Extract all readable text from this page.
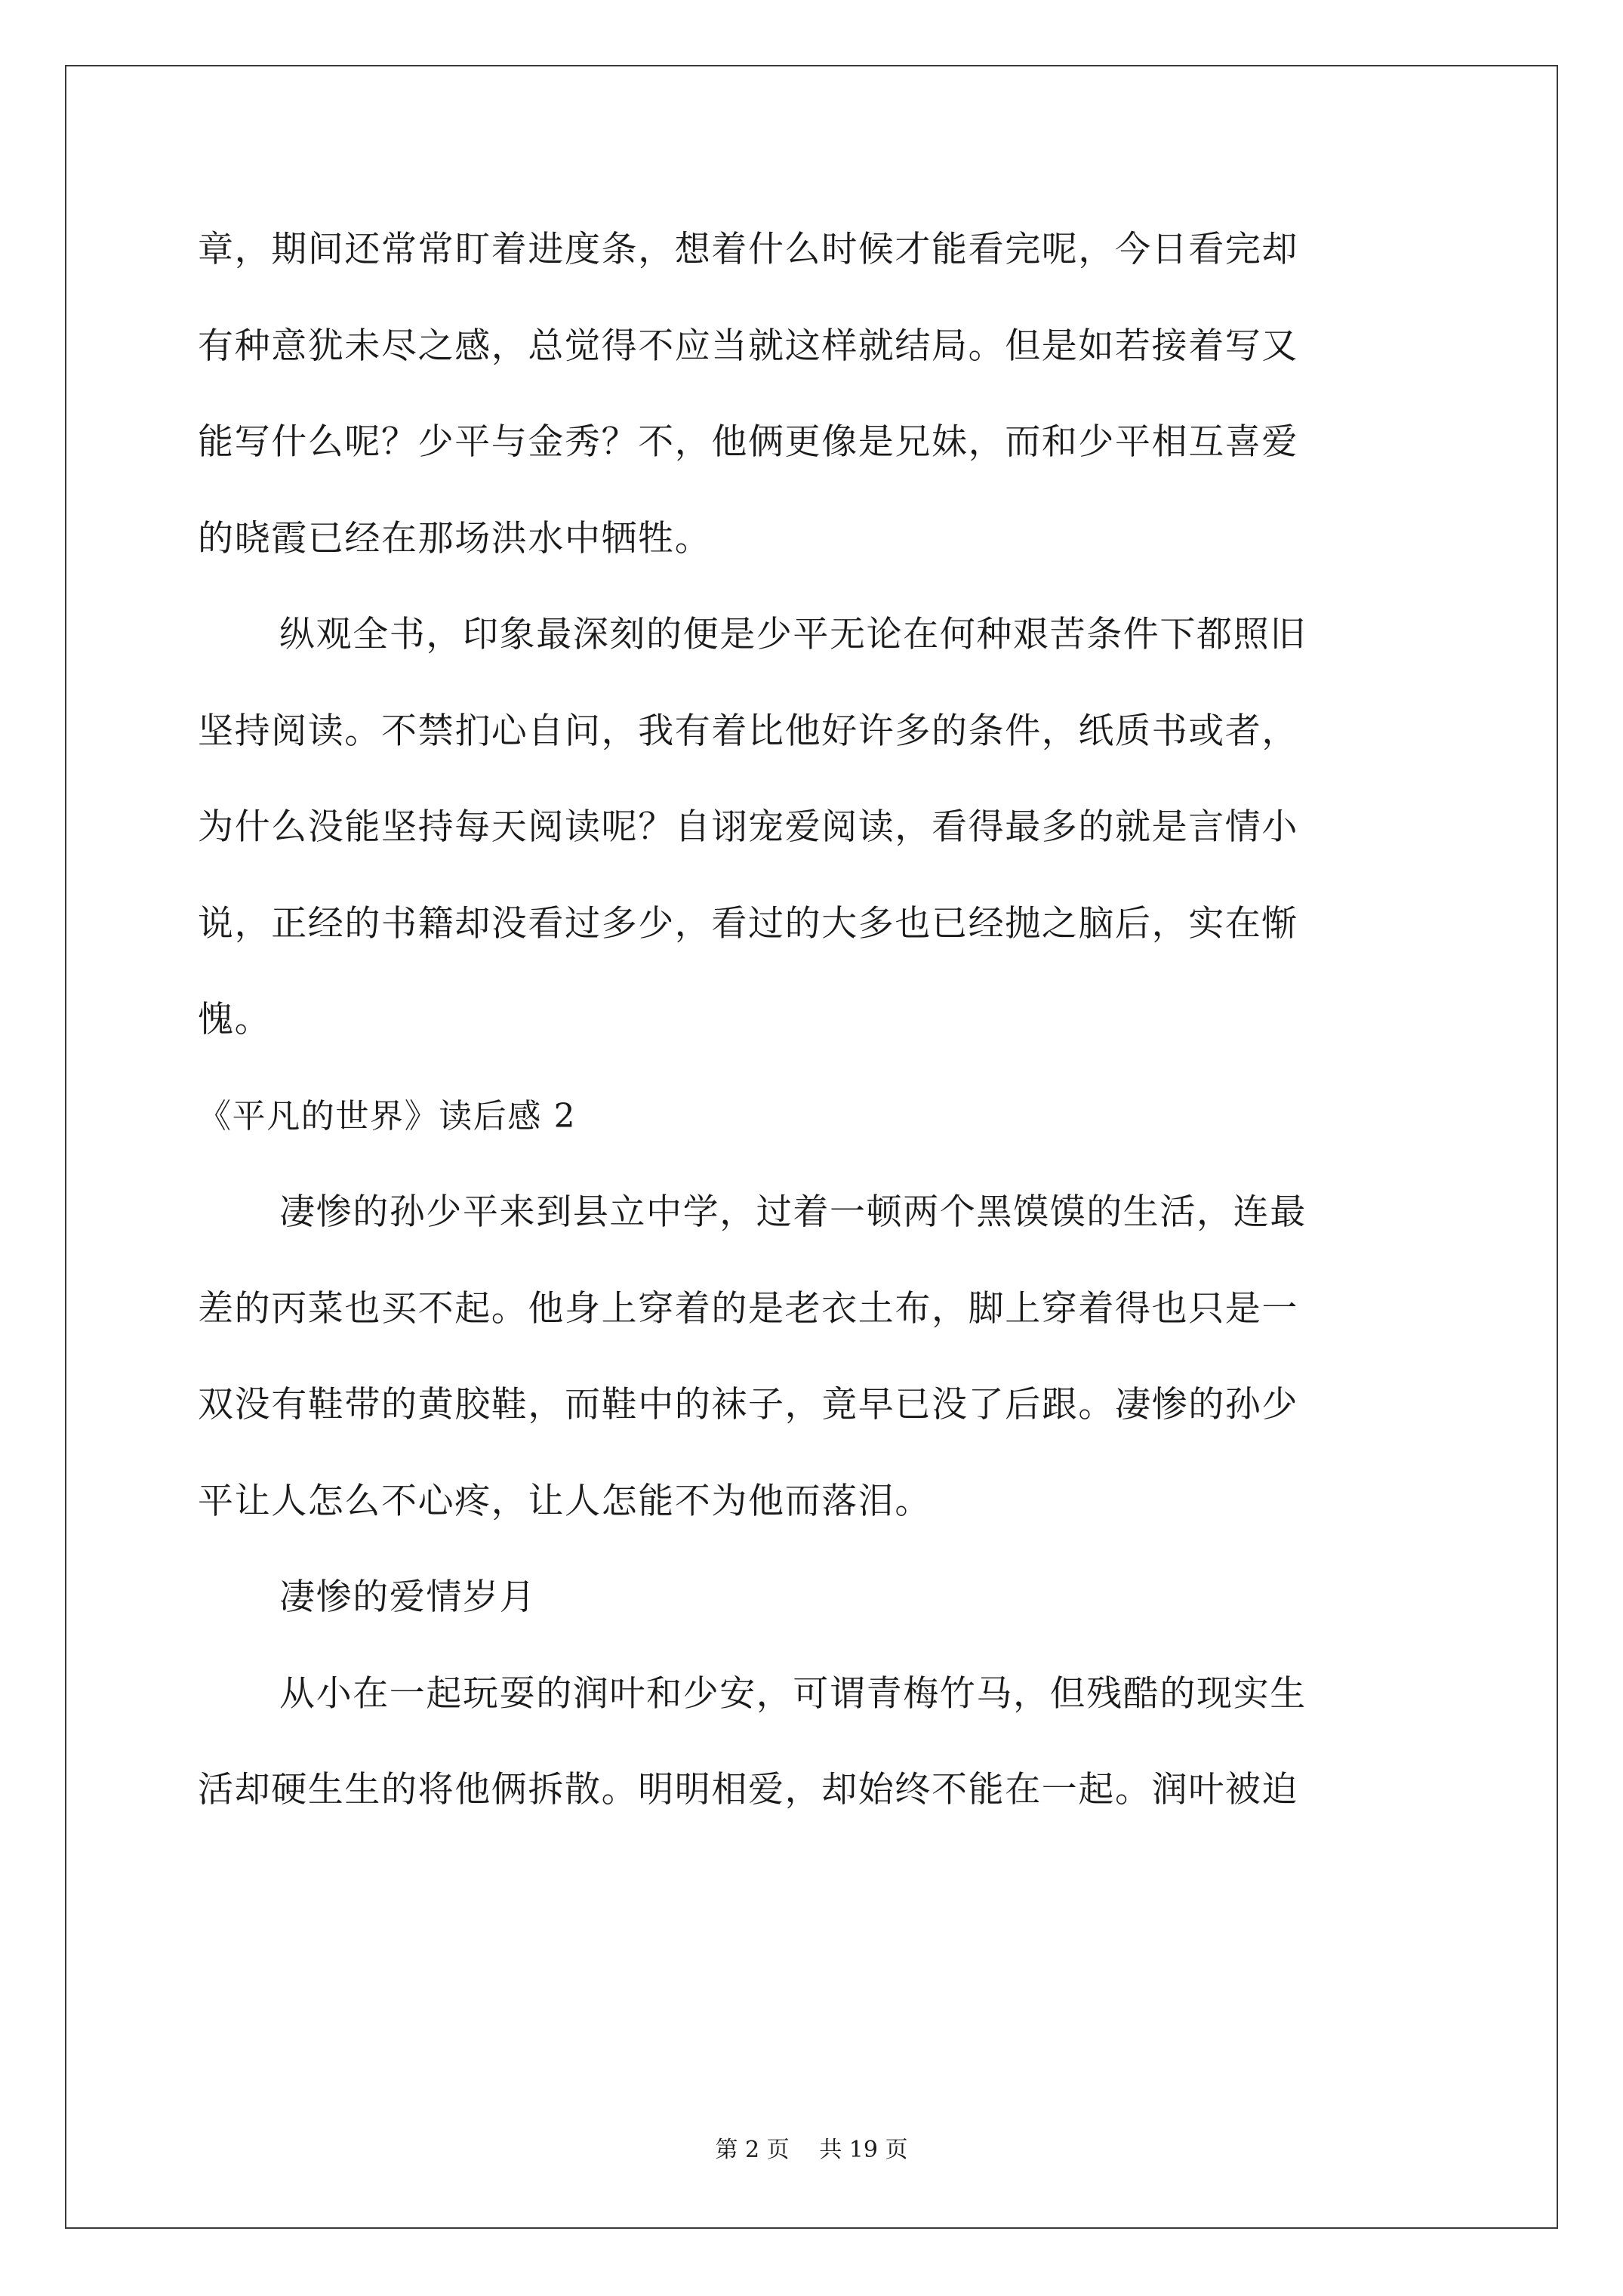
章，期间还常常盯着进度条，想着什么时候才能看完呢，今日看完却
有种意犹未尽之感，总觉得不应当就这样就结局。但是如若接着写又
能写什么呢？少平与金秀？不，他俩更像是兄妹，而和少平相互喜爱
的晓霞已经在那场洪水中牺牲。
纵观全书，印象最深刻的便是少平无论在何种艰苦条件下都照旧
坚持阅读。不禁扪心自问，我有着比他好许多的条件，纸质书或者，
为什么没能坚持每天阅读呢？自诩宠爱阅读，看得最多的就是言情小
说，正经的书籍却没看过多少，看过的大多也已经抛之脑后，实在惭
愧。
《平凡的世界》读后感 2
凄惨的孙少平来到县立中学，过着一顿两个黑馍馍的生活，连最
差的丙菜也买不起。他身上穿着的是老衣土布，脚上穿着得也只是一
双没有鞋带的黄胶鞋，而鞋中的袜子，竟早已没了后跟。凄惨的孙少
平让人怎么不心疼，让人怎能不为他而落泪。
凄惨的爱情岁月
从小在一起玩耍的润叶和少安，可谓青梅竹马，但残酷的现实生
活却硬生生的将他俩拆散。明明相爱，却始终不能在一起。润叶被迫
第 2 页　 共 19 页
